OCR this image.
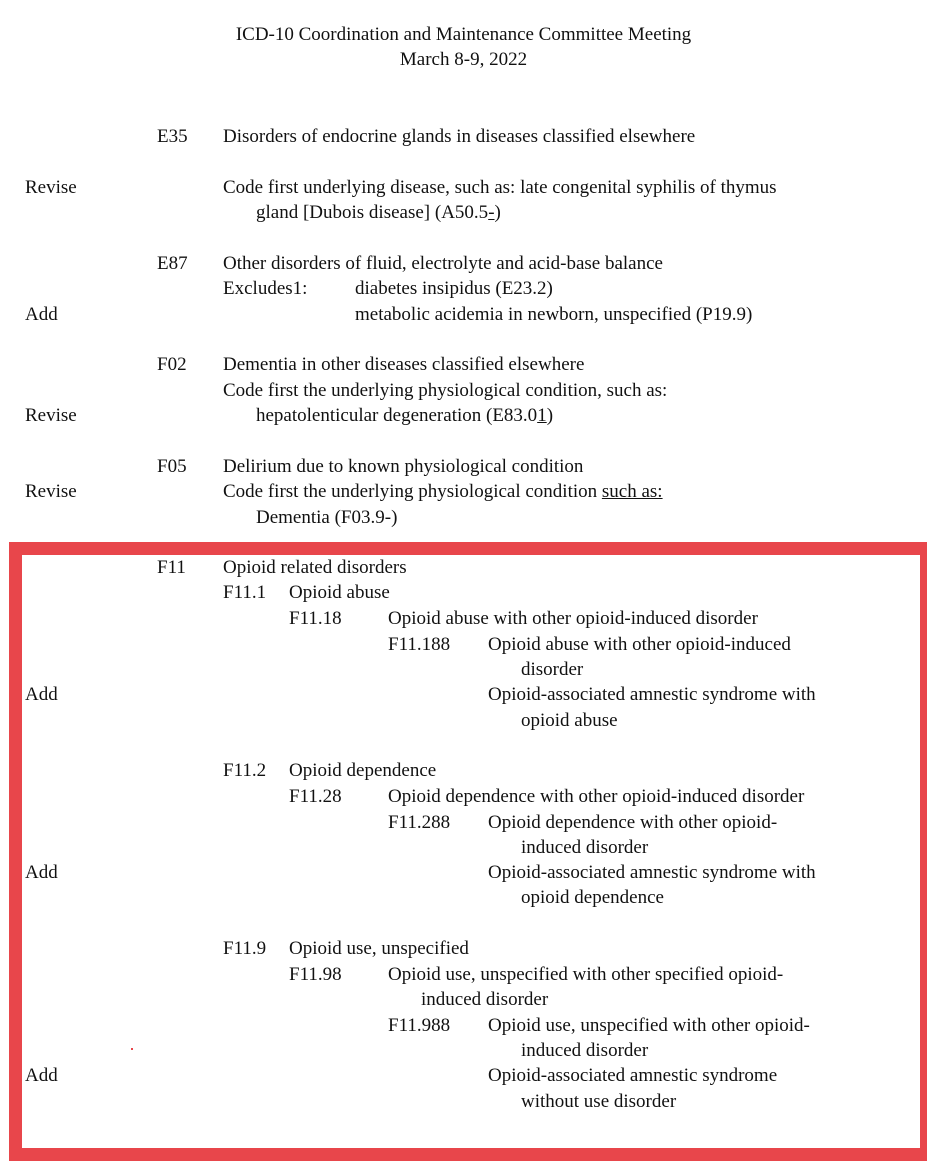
ICD-10 Coordination and Maintenance Committee Meeting
March 8-9, 2022
E35 Disorders of endocrine glands in diseases classified elsewhere
Revise	Code first underlying disease, such as: late congenital syphilis of thymus
gland [Dubois disease] (A50.5-)
E87 Other disorders of fluid, electrolyte and acid-base balance
Excludes1:	diabetes insipidus (E23.2)
Add	metabolic acidemia in newborn, unspecified (P19.9)
F02 Dementia in other diseases classified elsewhere
Code first the underlying physiological condition, such as:
Revise	hepatolenticular degeneration (E83.01)
F05 Delirium due to known physiological condition
Revise	Code first the underlying physiological condition such as:
Dementia (F03.9-)
F11 Opioid related disorders
F11.1 Opioid abuse
F11.18 Opioid abuse with other opioid-induced disorder
F11.188 Opioid abuse with other opioid-induced
disorder
Add	Opioid-associated amnestic syndrome with
opioid abuse
F11.2 Opioid dependence
F11.28 Opioid dependence with other opioid-induced disorder
F11.288 Opioid dependence with other opioid-
induced disorder
Add	Opioid-associated amnestic syndrome with
opioid dependence
F11.9 Opioid use, unspecified
F11.98 Opioid use, unspecified with other specified opioid-
induced disorder
F11.988 Opioid use, unspecified with other opioid-
induced disorder
Add	Opioid-associated amnestic syndrome
without use disorder
